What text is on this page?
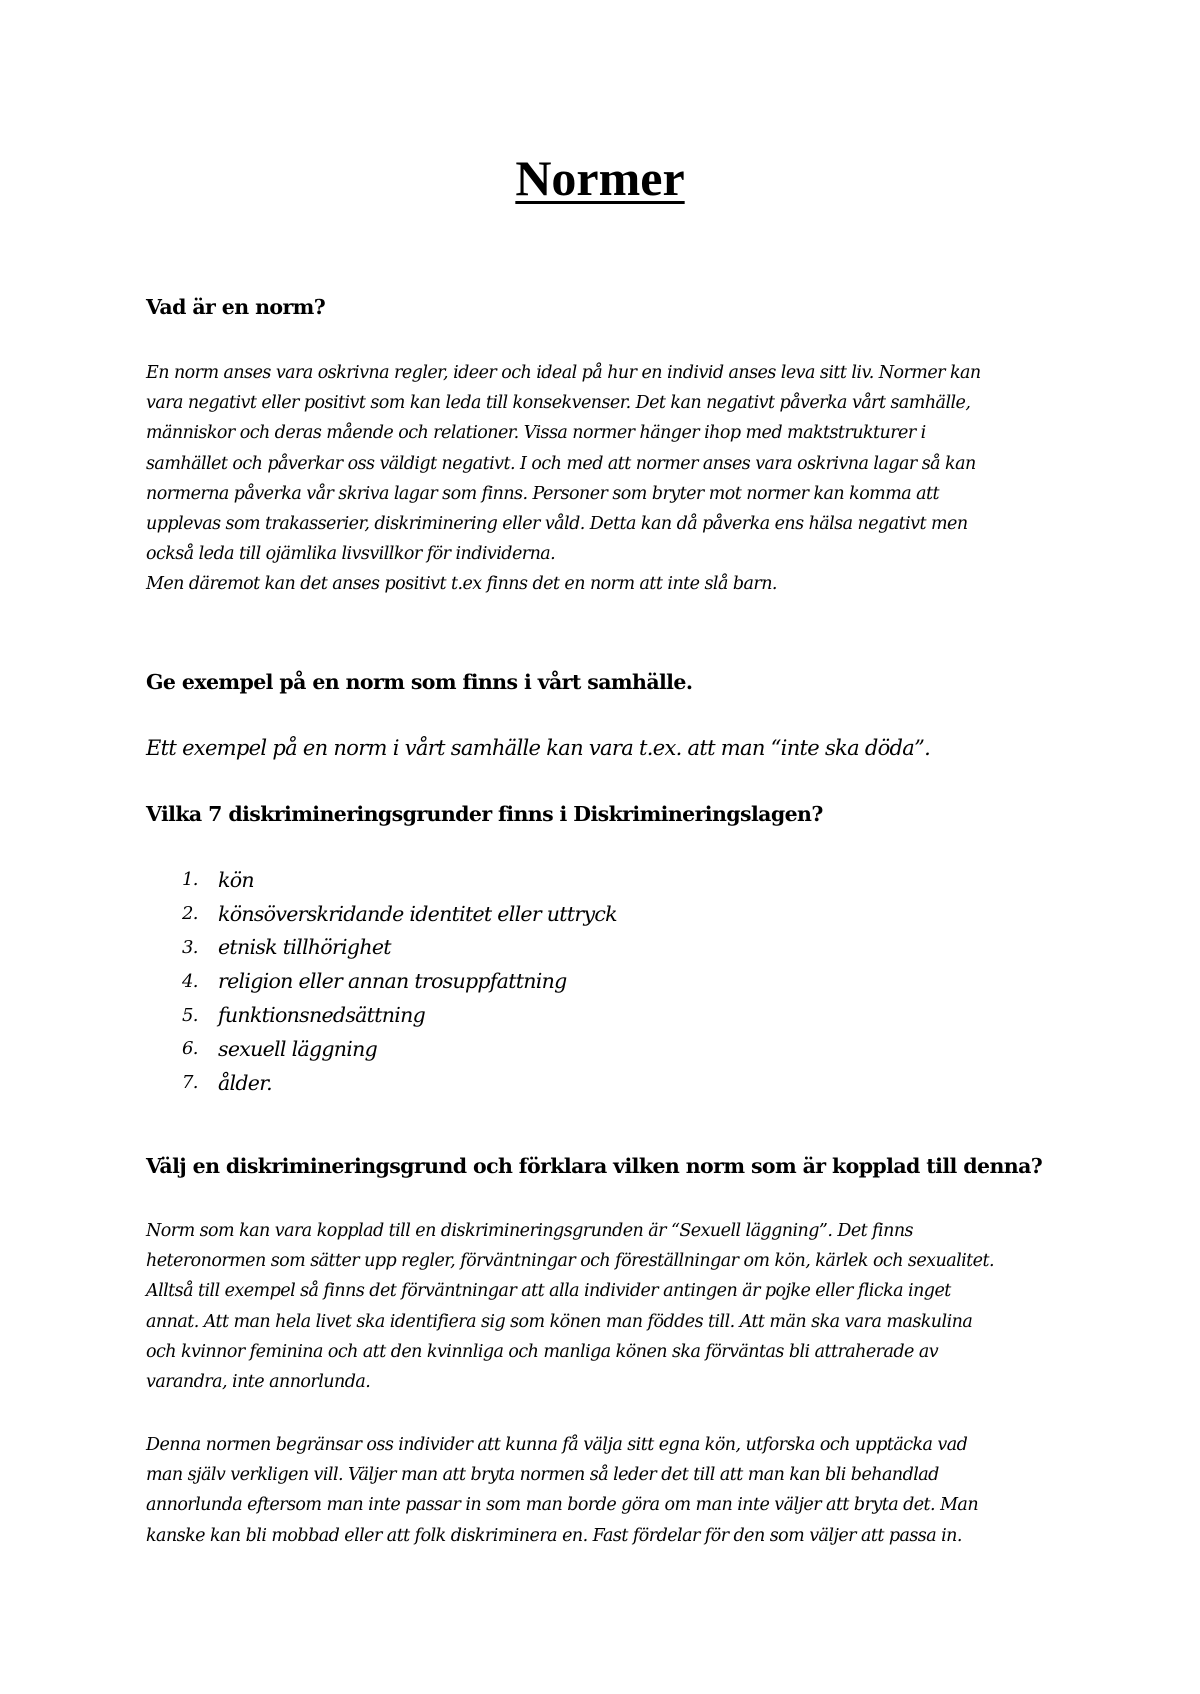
Normer
Vad är en norm?
En norm anses vara oskrivna regler, ideer och ideal på hur en individ anses leva sitt liv. Normer kan
vara negativt eller positivt som kan leda till konsekvenser. Det kan negativt påverka vårt samhälle,
människor och deras mående och relationer. Vissa normer hänger ihop med maktstrukturer i
samhället och påverkar oss väldigt negativt. I och med att normer anses vara oskrivna lagar så kan
normerna påverka vår skriva lagar som finns. Personer som bryter mot normer kan komma att
upplevas som trakasserier, diskriminering eller våld. Detta kan då påverka ens hälsa negativt men
också leda till ojämlika livsvillkor för individerna.
Men däremot kan det anses positivt t.ex finns det en norm att inte slå barn.
Ge exempel på en norm som finns i vårt samhälle.
Ett exempel på en norm i vårt samhälle kan vara t.ex. att man “inte ska döda”.
Vilka 7 diskrimineringsgrunder finns i Diskrimineringslagen?
1. kön
2. könsöverskridande identitet eller uttryck
3. etnisk tillhörighet
4. religion eller annan trosuppfattning
5. funktionsnedsättning
6. sexuell läggning
7. ålder.
Välj en diskrimineringsgrund och förklara vilken norm som är kopplad till denna?
Norm som kan vara kopplad till en diskrimineringsgrunden är “Sexuell läggning”. Det finns
heteronormen som sätter upp regler, förväntningar och föreställningar om kön, kärlek och sexualitet.
Alltså till exempel så finns det förväntningar att alla individer antingen är pojke eller flicka inget
annat. Att man hela livet ska identifiera sig som könen man föddes till. Att män ska vara maskulina
och kvinnor feminina och att den kvinnliga och manliga könen ska förväntas bli attraherade av
varandra, inte annorlunda.
Denna normen begränsar oss individer att kunna få välja sitt egna kön, utforska och upptäcka vad
man själv verkligen vill. Väljer man att bryta normen så leder det till att man kan bli behandlad
annorlunda eftersom man inte passar in som man borde göra om man inte väljer att bryta det. Man
kanske kan bli mobbad eller att folk diskriminera en. Fast fördelar för den som väljer att passa in.
